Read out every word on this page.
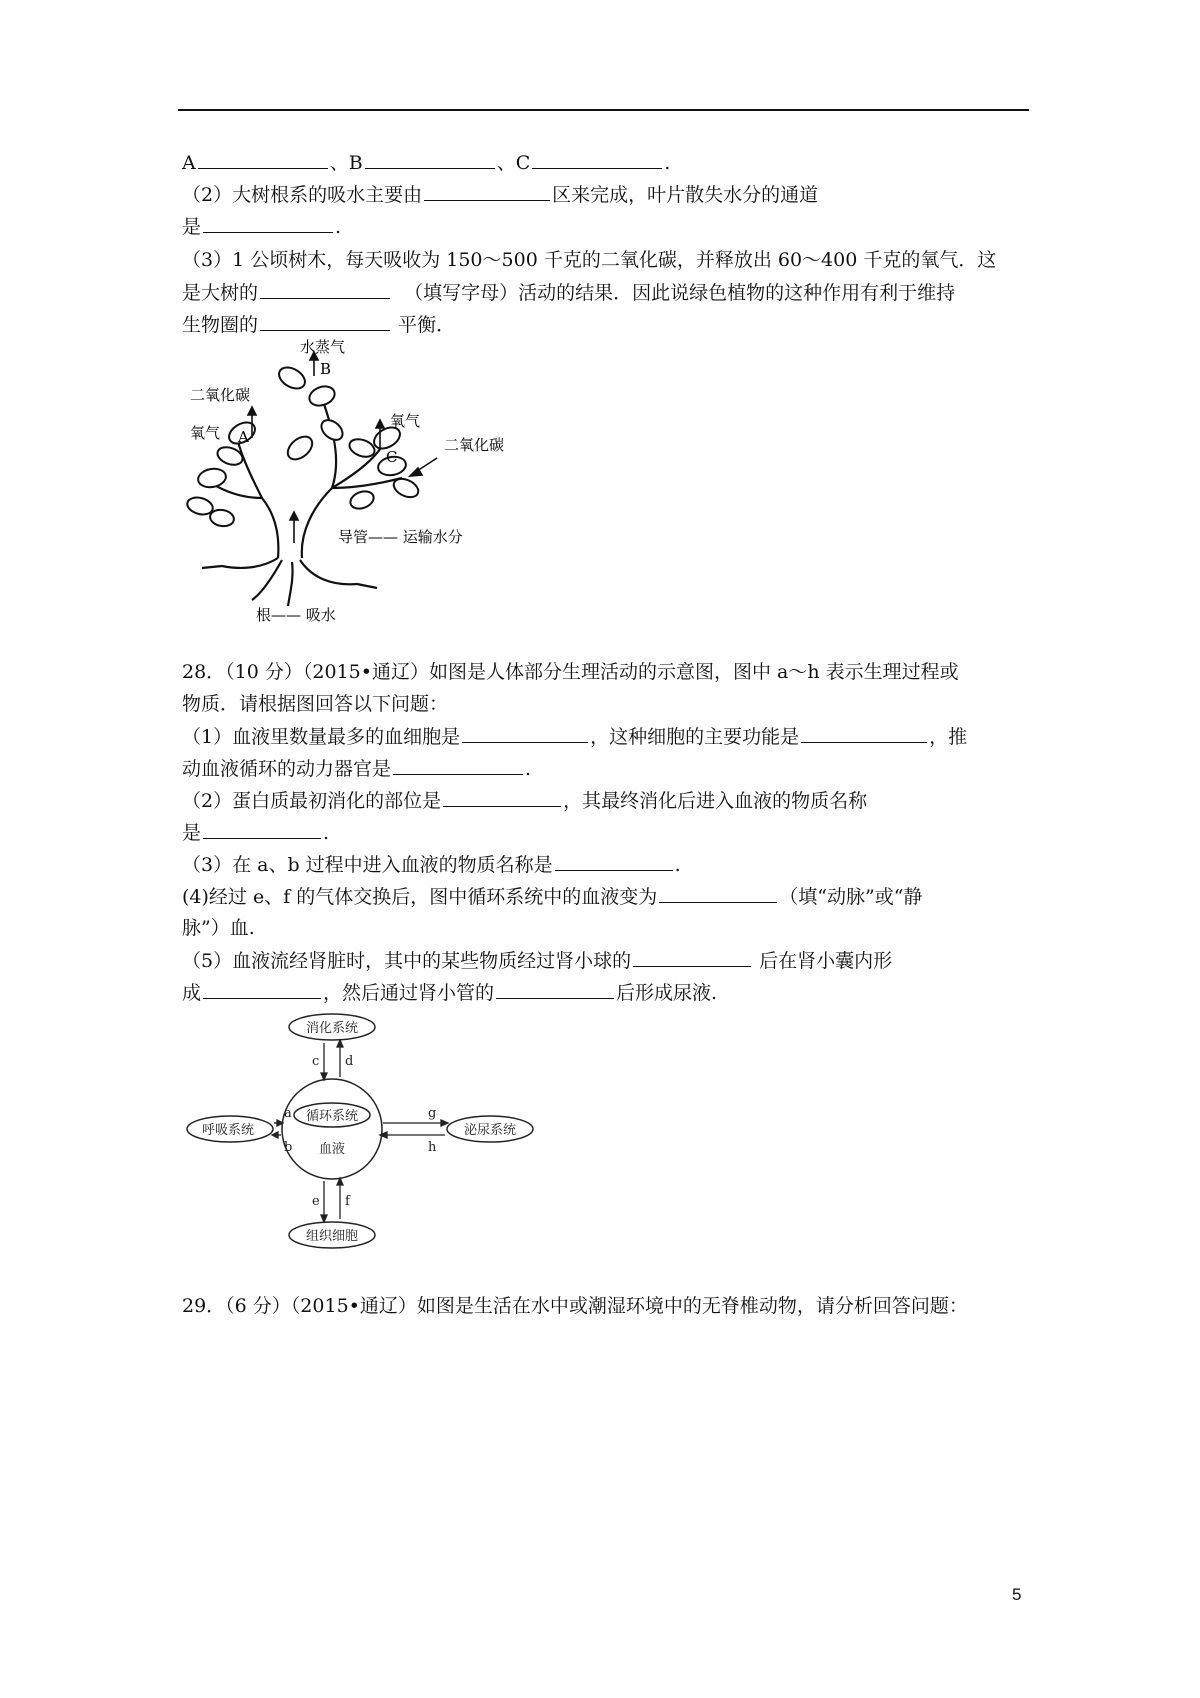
A	、B	、C	.
（2）大树根系的吸水主要由	区来完成，叶片散失水分的通道
是	.
（3）1 公顷树木，每天吸收为 150～500 千克的二氧化碳，并释放出 60～400 千克的氧气．这
是大树的	（填写字母）活动的结果．因此说绿色植物的这种作用有利于维持
生物圈的	平衡．
水蒸气
B
二氧化碳
氧气 A
氧气
C
二氧化碳
导管—— 运输水分
根—— 吸水
28．（10 分）（2015•通辽）如图是人体部分生理活动的示意图，图中 a～h 表示生理过程或
物质．请根据图回答以下问题：
（1）血液里数量最多的血细胞是	，这种细胞的主要功能是	，推
动血液循环的动力器官是	.
（2）蛋白质最初消化的部位是	，其最终消化后进入血液的物质名称
是	.
（3）在 a、b 过程中进入血液的物质名称是	.
(4)经过 e、f 的气体交换后，图中循环系统中的血液变为	（填“动脉”或“静
脉”）血.
（5）血液流经肾脏时，其中的某些物质经过肾小球的	后在肾小囊内形
成	，然后通过肾小管的	后形成尿液.
消化系统
呼吸系统
循环系统
血液
泌尿系统
组织细胞
c d
a
b
g
h
e f
29．（6 分）（2015•通辽）如图是生活在水中或潮湿环境中的无脊椎动物，请分析回答问题：
5
